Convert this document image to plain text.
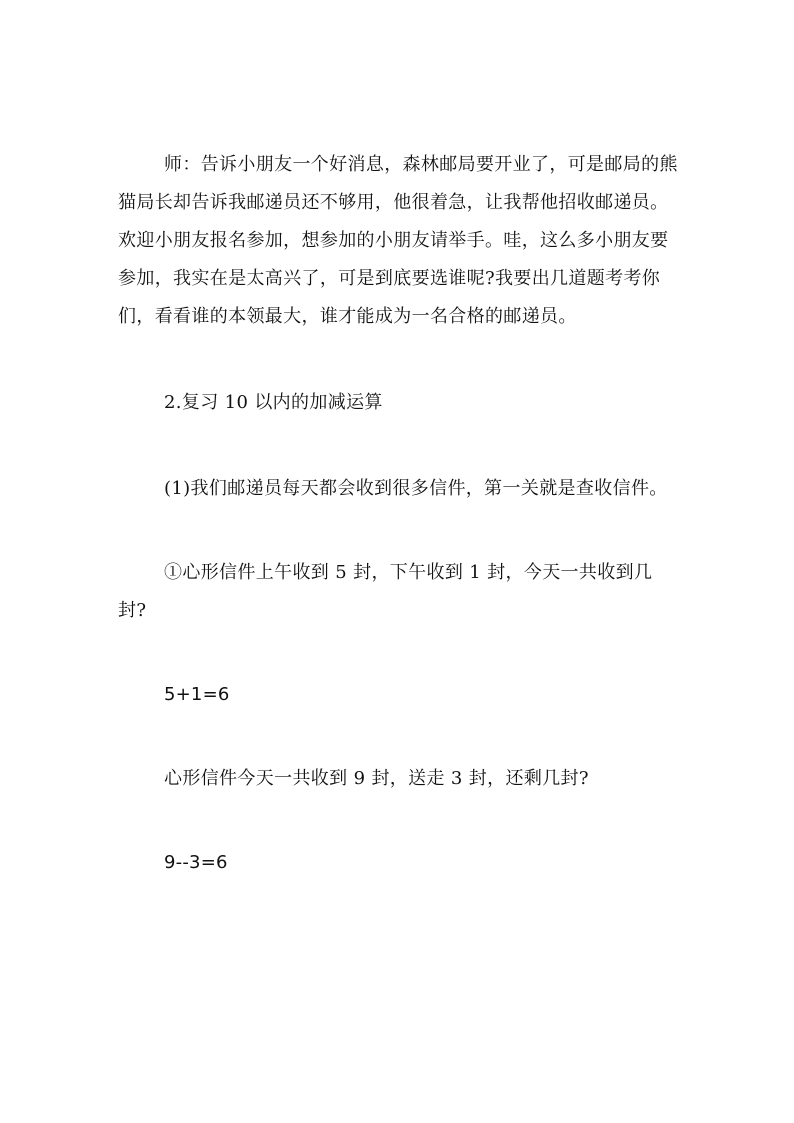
师：告诉小朋友一个好消息，森林邮局要开业了，可是邮局的熊猫局长却告诉我邮递员还不够用，他很着急，让我帮他招收邮递员。欢迎小朋友报名参加，想参加的小朋友请举手。哇，这么多小朋友要参加，我实在是太高兴了，可是到底要选谁呢?我要出几道题考考你们，看看谁的本领最大，谁才能成为一名合格的邮递员。

2.复习 10 以内的加减运算

(1)我们邮递员每天都会收到很多信件，第一关就是查收信件。

①心形信件上午收到 5 封，下午收到 1 封，今天一共收到几封?

5+1=6

心形信件今天一共收到 9 封，送走 3 封，还剩几封?

9--3=6
